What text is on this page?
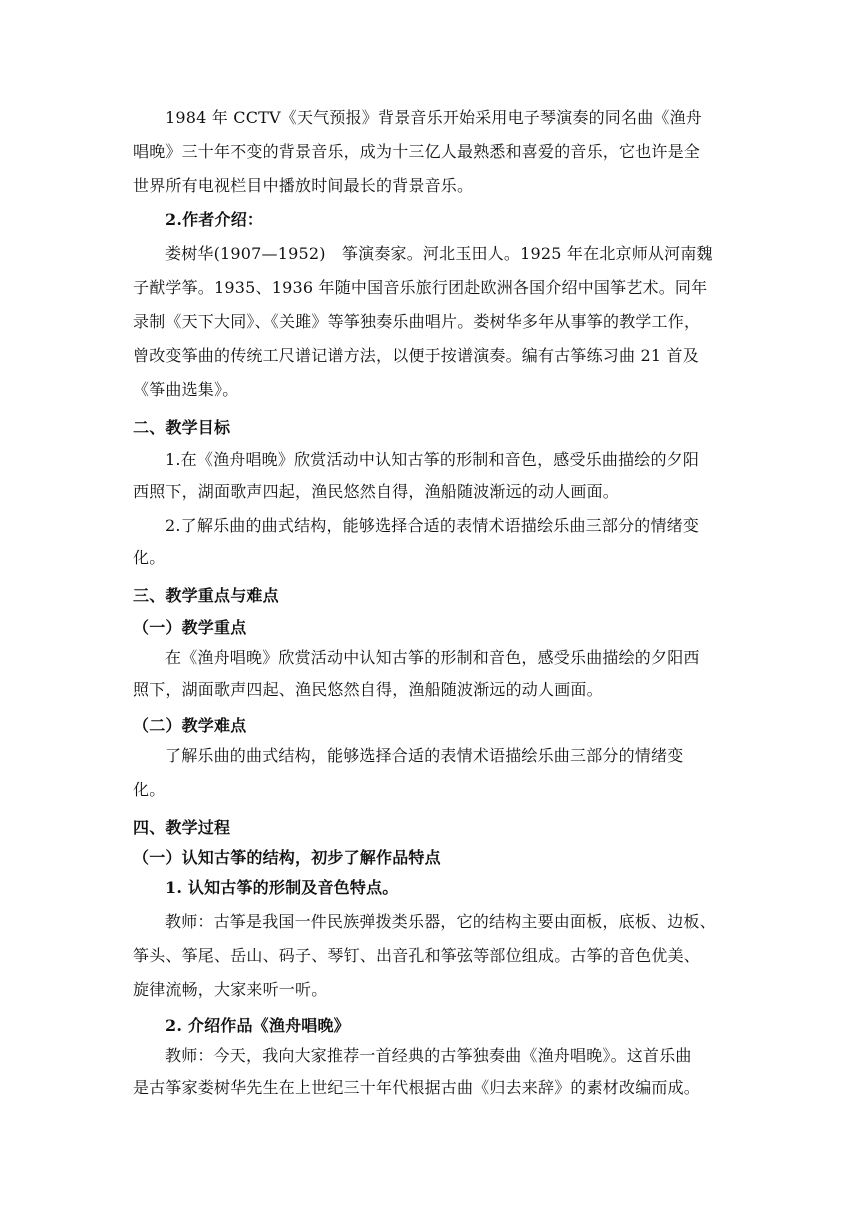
1984 年 CCTV《天气预报》背景音乐开始采用电子琴演奏的同名曲《渔舟
唱晚》三十年不变的背景音乐，成为十三亿人最熟悉和喜爱的音乐，它也许是全
世界所有电视栏目中播放时间最长的背景音乐。
2.作者介绍：
娄树华(1907—1952)　筝演奏家。河北玉田人。1925 年在北京师从河南魏
子猷学筝。1935、1936 年随中国音乐旅行团赴欧洲各国介绍中国筝艺术。同年
录制《天下大同》、《关雎》等筝独奏乐曲唱片。娄树华多年从事筝的教学工作，
曾改变筝曲的传统工尺谱记谱方法，以便于按谱演奏。编有古筝练习曲 21 首及
《筝曲选集》。
二、教学目标
1.在《渔舟唱晚》欣赏活动中认知古筝的形制和音色，感受乐曲描绘的夕阳
西照下，湖面歌声四起，渔民悠然自得，渔船随波渐远的动人画面。
2.了解乐曲的曲式结构，能够选择合适的表情术语描绘乐曲三部分的情绪变
化。
三、教学重点与难点
（一）教学重点
在《渔舟唱晚》欣赏活动中认知古筝的形制和音色，感受乐曲描绘的夕阳西
照下，湖面歌声四起、渔民悠然自得，渔船随波渐远的动人画面。
（二）教学难点
了解乐曲的曲式结构，能够选择合适的表情术语描绘乐曲三部分的情绪变
化。
四、教学过程
（一）认知古筝的结构，初步了解作品特点
1. 认知古筝的形制及音色特点。
教师：古筝是我国一件民族弹拨类乐器，它的结构主要由面板，底板、边板、
筝头、筝尾、岳山、码子、琴钉、出音孔和筝弦等部位组成。古筝的音色优美、
旋律流畅，大家来听一听。
2. 介绍作品《渔舟唱晚》
教师：今天，我向大家推荐一首经典的古筝独奏曲《渔舟唱晚》。这首乐曲
是古筝家娄树华先生在上世纪三十年代根据古曲《归去来辞》的素材改编而成。
